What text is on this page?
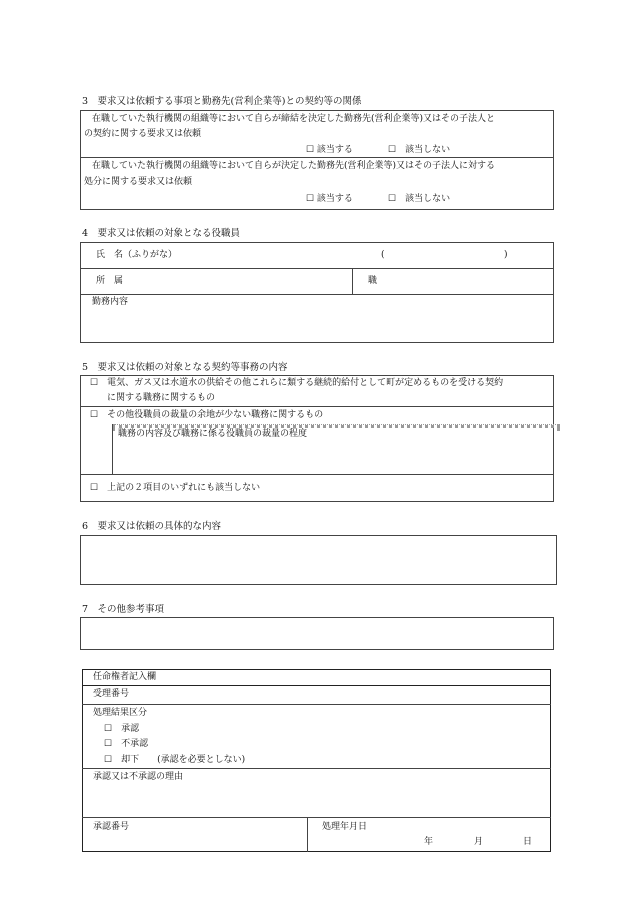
3　要求又は依頼する事項と勤務先(営利企業等)との契約等の関係
在職していた執行機関の組織等において自らが締結を決定した勤務先(営利企業等)又はその子法人と
の契約に関する要求又は依頼
☐ 該当する	☐　該当しない
在職していた執行機関の組織等において自らが決定した勤務先(営利企業等)又はその子法人に対する
処分に関する要求又は依頼
☐ 該当する	☐　該当しない
4　要求又は依頼の対象となる役職員
氏　名（ふりがな）	(	)
所　属	職
勤務内容
5　要求又は依頼の対象となる契約等事務の内容
☐　電気、ガス又は水道水の供給その他これらに類する継続的給付として町が定めるものを受ける契約
に関する職務に関するもの
☐　その他役職員の裁量の余地が少ない職務に関するもの
職務の内容及び職務に係る役職員の裁量の程度
☐　上記の２項目のいずれにも該当しない
6　要求又は依頼の具体的な内容
7　その他参考事項
任命権者記入欄
受理番号
処理結果区分
☐　承認
☐　不承認
☐　却下　　(承認を必要としない)
承認又は不承認の理由
承認番号	処理年月日
年	月	日
